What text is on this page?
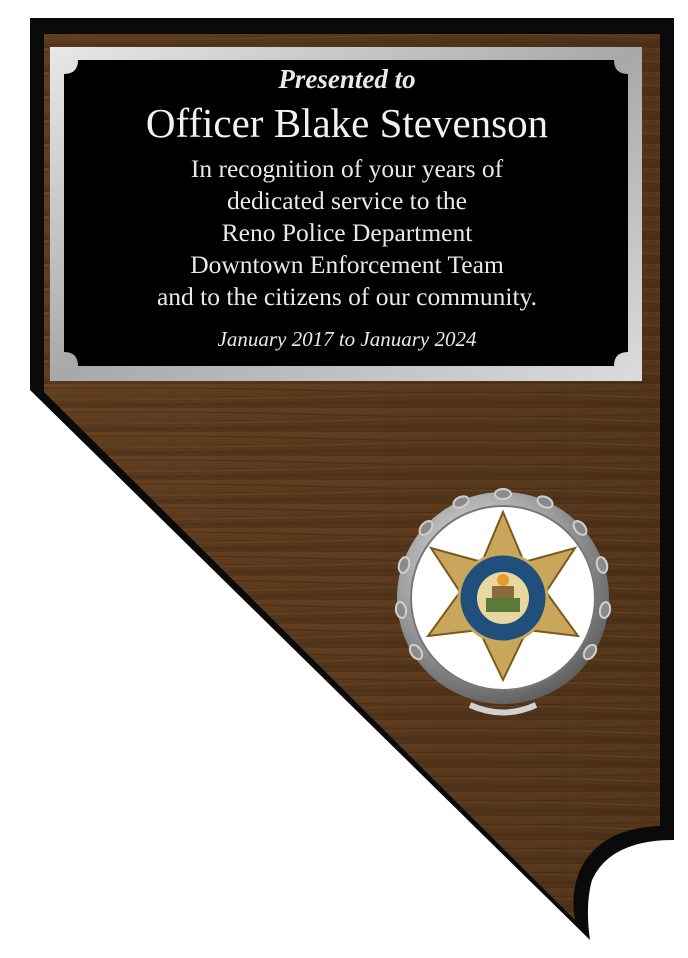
Presented to
Officer Blake Stevenson
In recognition of your years of
dedicated service to the
Reno Police Department
Downtown Enforcement Team
and to the citizens of our community.
January 2017 to January 2024
